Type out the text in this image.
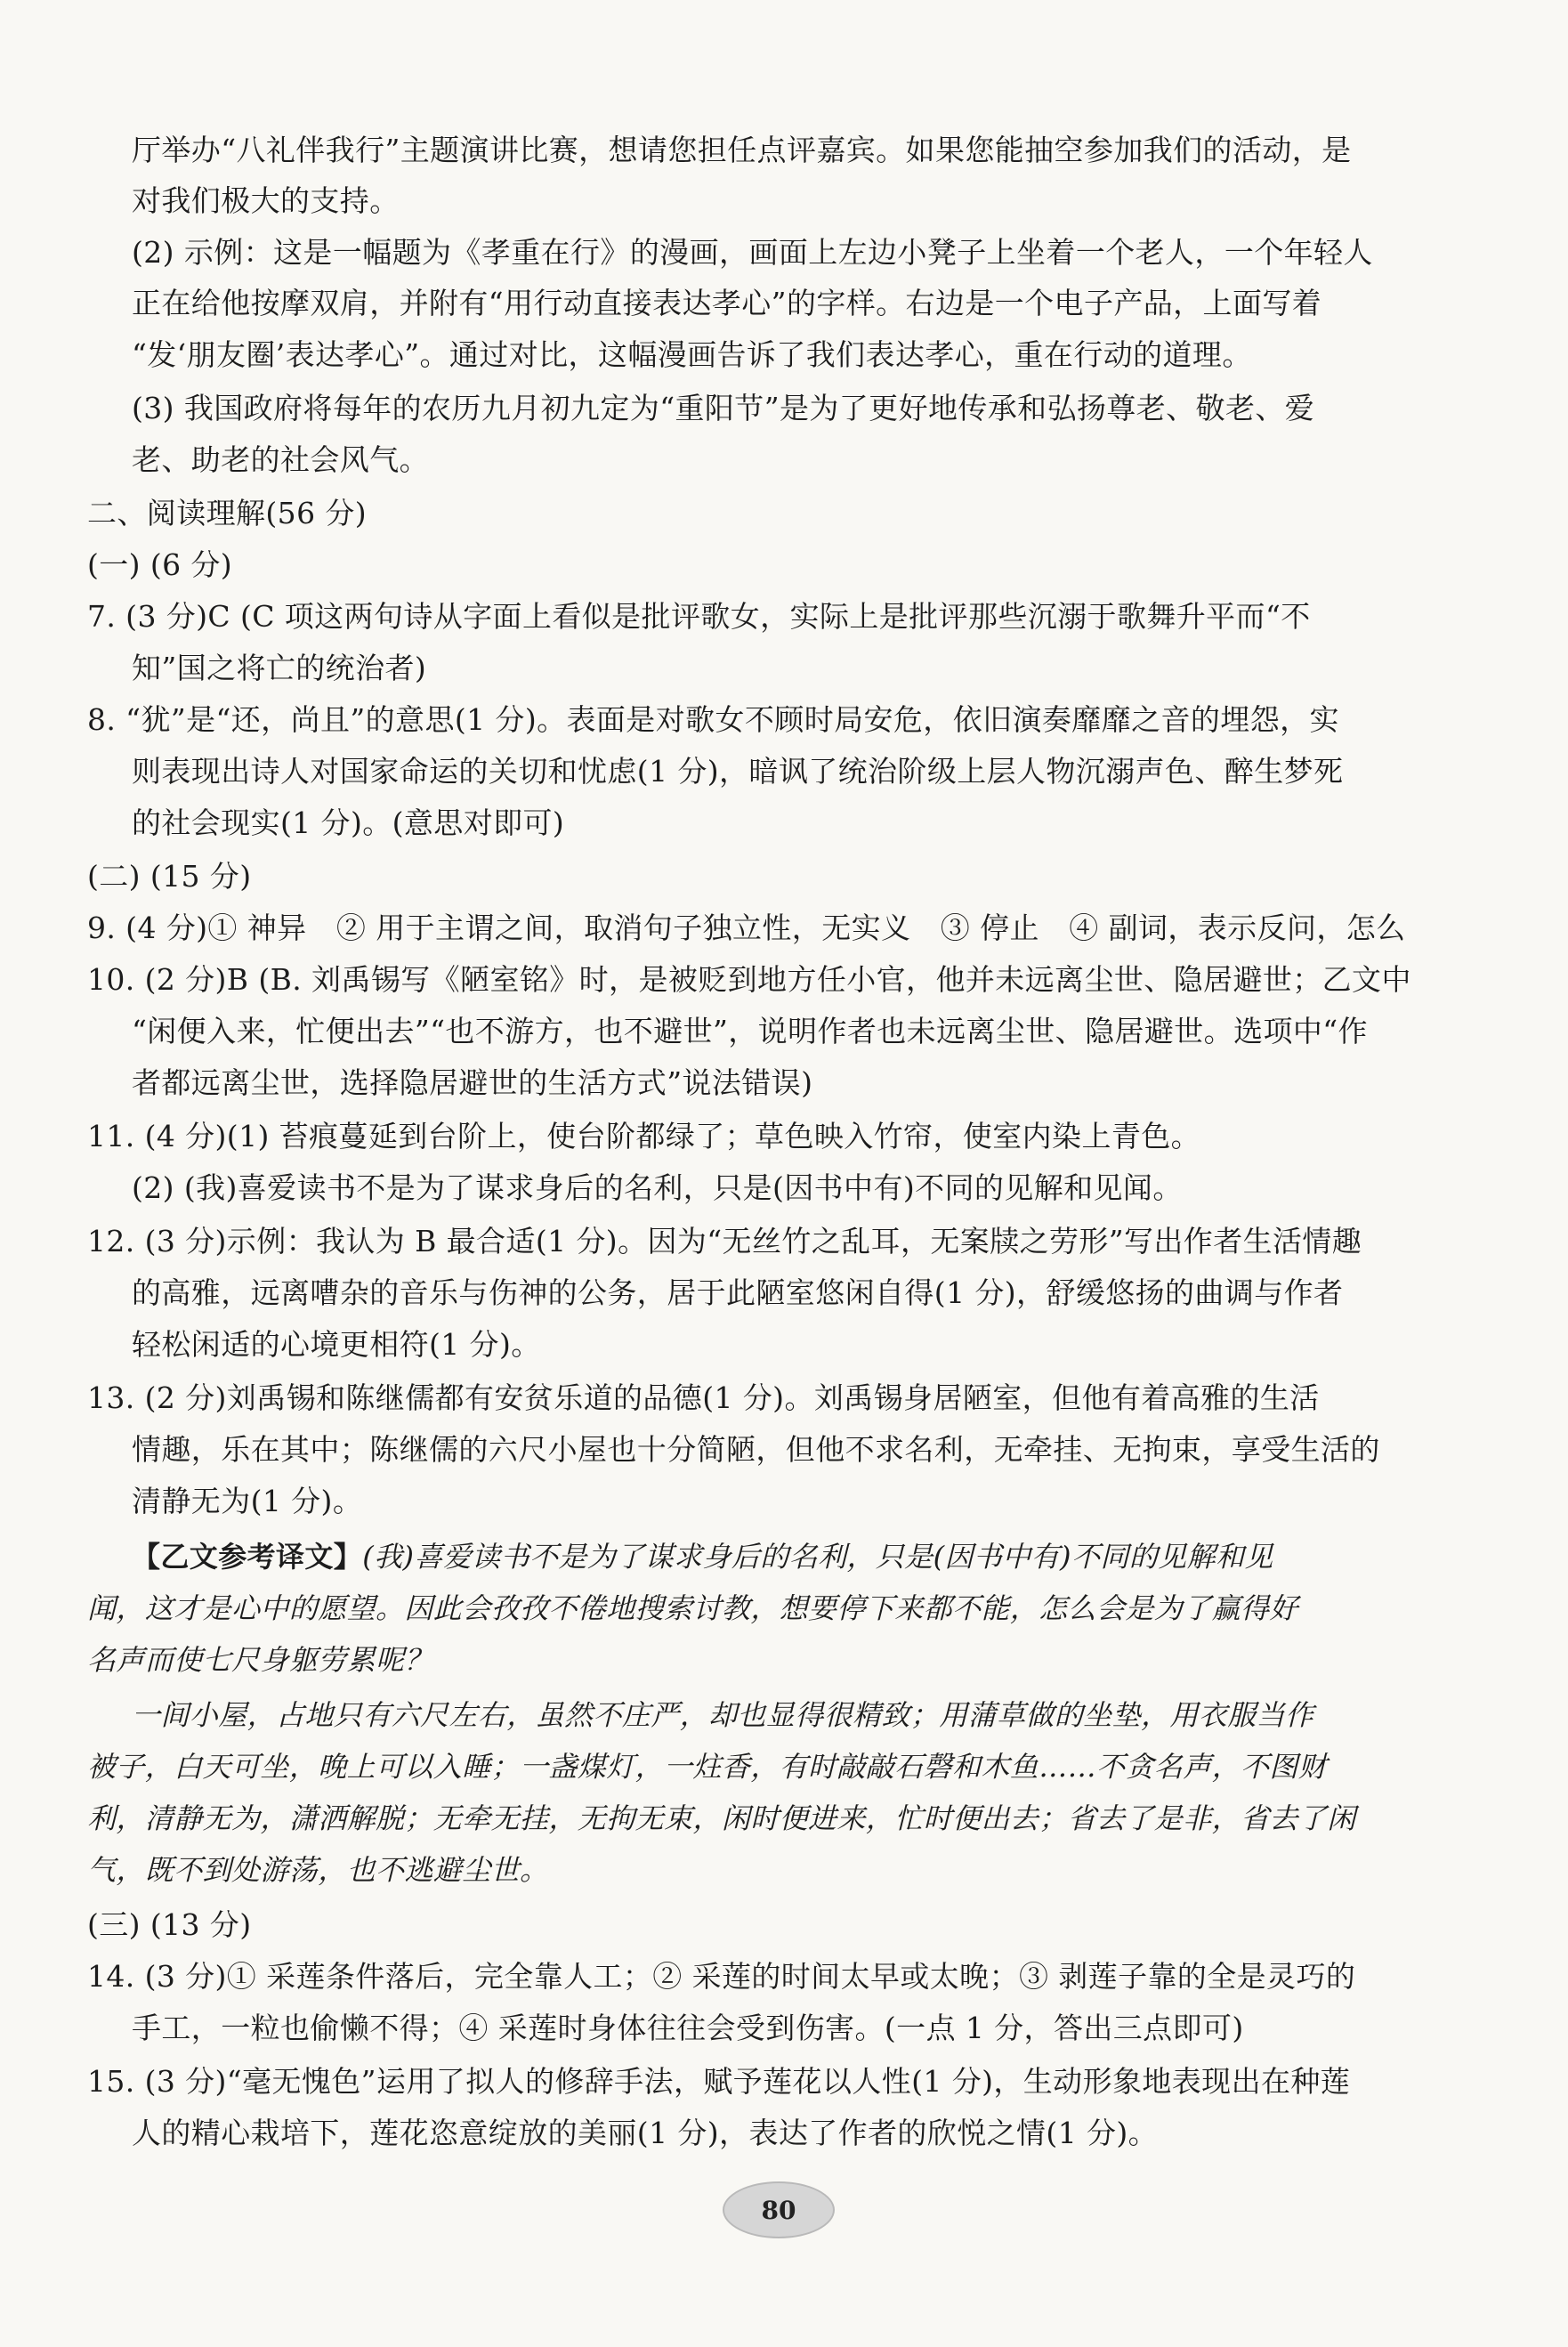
厅举办“八礼伴我行”主题演讲比赛，想请您担任点评嘉宾。如果您能抽空参加我们的活动，是
对我们极大的支持。
(2) 示例：这是一幅题为《孝重在行》的漫画，画面上左边小凳子上坐着一个老人，一个年轻人
正在给他按摩双肩，并附有“用行动直接表达孝心”的字样。右边是一个电子产品，上面写着
“发‘朋友圈’表达孝心”。通过对比，这幅漫画告诉了我们表达孝心，重在行动的道理。
(3) 我国政府将每年的农历九月初九定为“重阳节”是为了更好地传承和弘扬尊老、敬老、爱
老、助老的社会风气。
二、阅读理解(56 分)
(一) (6 分)
7. (3 分)C (C 项这两句诗从字面上看似是批评歌女，实际上是批评那些沉溺于歌舞升平而“不
知”国之将亡的统治者)
8. “犹”是“还，尚且”的意思(1 分)。表面是对歌女不顾时局安危，依旧演奏靡靡之音的埋怨，实
则表现出诗人对国家命运的关切和忧虑(1 分)，暗讽了统治阶级上层人物沉溺声色、醉生梦死
的社会现实(1 分)。(意思对即可)
(二) (15 分)
9. (4 分)① 神异　② 用于主谓之间，取消句子独立性，无实义　③ 停止　④ 副词，表示反问，怎么
10. (2 分)B (B. 刘禹锡写《陋室铭》时，是被贬到地方任小官，他并未远离尘世、隐居避世；乙文中
“闲便入来，忙便出去”“也不游方，也不避世”，说明作者也未远离尘世、隐居避世。选项中“作
者都远离尘世，选择隐居避世的生活方式”说法错误)
11. (4 分)(1) 苔痕蔓延到台阶上，使台阶都绿了；草色映入竹帘，使室内染上青色。
(2) (我)喜爱读书不是为了谋求身后的名利，只是(因书中有)不同的见解和见闻。
12. (3 分)示例：我认为 B 最合适(1 分)。因为“无丝竹之乱耳，无案牍之劳形”写出作者生活情趣
的高雅，远离嘈杂的音乐与伤神的公务，居于此陋室悠闲自得(1 分)，舒缓悠扬的曲调与作者
轻松闲适的心境更相符(1 分)。
13. (2 分)刘禹锡和陈继儒都有安贫乐道的品德(1 分)。刘禹锡身居陋室，但他有着高雅的生活
情趣，乐在其中；陈继儒的六尺小屋也十分简陋，但他不求名利，无牵挂、无拘束，享受生活的
清静无为(1 分)。
【乙文参考译文】(我)喜爱读书不是为了谋求身后的名利，只是(因书中有)不同的见解和见
闻，这才是心中的愿望。因此会孜孜不倦地搜索讨教，想要停下来都不能，怎么会是为了赢得好
名声而使七尺身躯劳累呢？
一间小屋，占地只有六尺左右，虽然不庄严，却也显得很精致；用蒲草做的坐垫，用衣服当作
被子，白天可坐，晚上可以入睡；一盏煤灯，一炷香，有时敲敲石磬和木鱼……不贪名声，不图财
利，清静无为，潇洒解脱；无牵无挂，无拘无束，闲时便进来，忙时便出去；省去了是非，省去了闲
气，既不到处游荡，也不逃避尘世。
(三) (13 分)
14. (3 分)① 采莲条件落后，完全靠人工；② 采莲的时间太早或太晚；③ 剥莲子靠的全是灵巧的
手工，一粒也偷懒不得；④ 采莲时身体往往会受到伤害。(一点 1 分，答出三点即可)
15. (3 分)“毫无愧色”运用了拟人的修辞手法，赋予莲花以人性(1 分)，生动形象地表现出在种莲
人的精心栽培下，莲花恣意绽放的美丽(1 分)，表达了作者的欣悦之情(1 分)。
80
